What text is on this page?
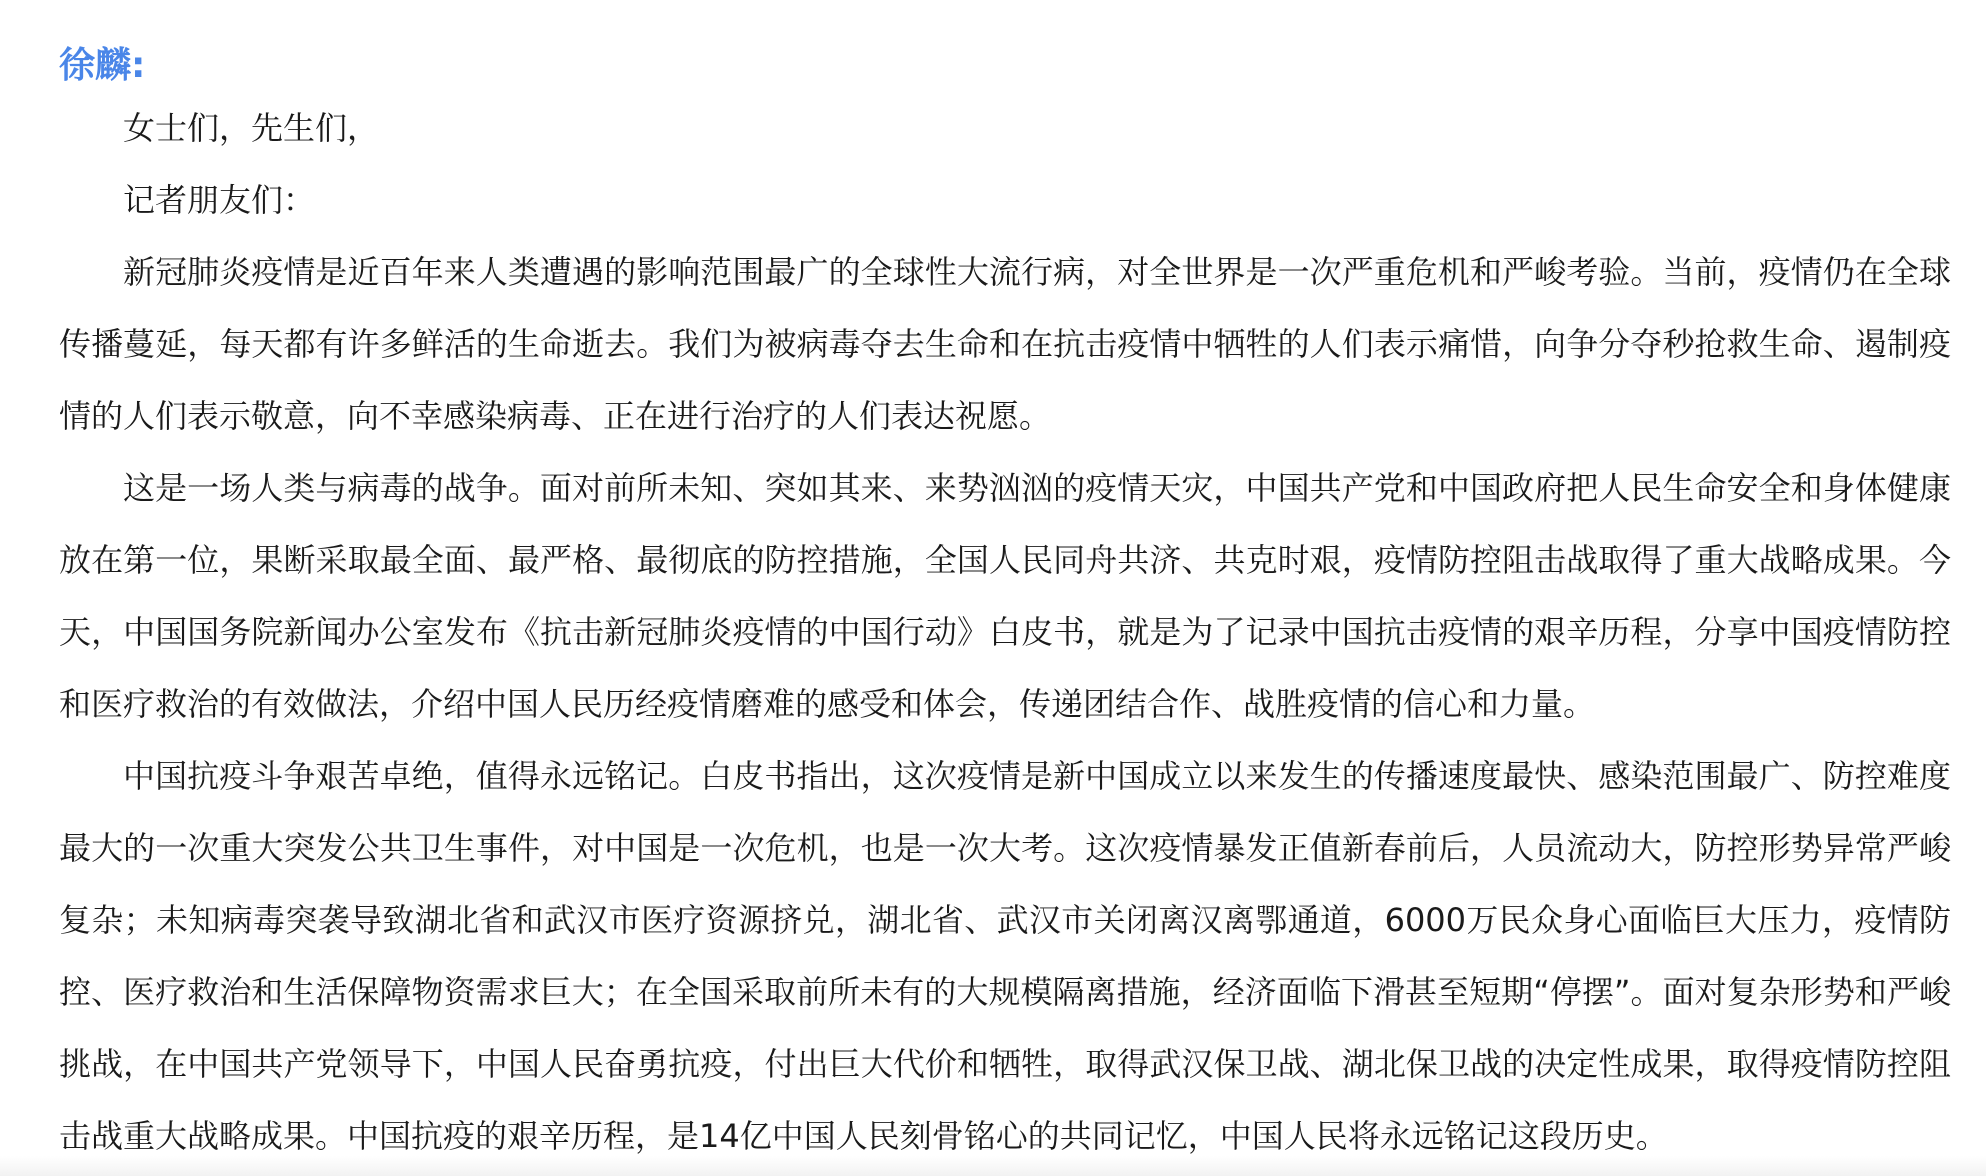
徐麟:

女士们，先生们，

记者朋友们：

新冠肺炎疫情是近百年来人类遭遇的影响范围最广的全球性大流行病，对全世界是一次严重危机和严峻考验。当前，疫情仍在全球传播蔓延，每天都有许多鲜活的生命逝去。我们为被病毒夺去生命和在抗击疫情中牺牲的人们表示痛惜，向争分夺秒抢救生命、遏制疫情的人们表示敬意，向不幸感染病毒、正在进行治疗的人们表达祝愿。

这是一场人类与病毒的战争。面对前所未知、突如其来、来势汹汹的疫情天灾，中国共产党和中国政府把人民生命安全和身体健康放在第一位，果断采取最全面、最严格、最彻底的防控措施，全国人民同舟共济、共克时艰，疫情防控阻击战取得了重大战略成果。今天，中国国务院新闻办公室发布《抗击新冠肺炎疫情的中国行动》白皮书，就是为了记录中国抗击疫情的艰辛历程，分享中国疫情防控和医疗救治的有效做法，介绍中国人民历经疫情磨难的感受和体会，传递团结合作、战胜疫情的信心和力量。

中国抗疫斗争艰苦卓绝，值得永远铭记。白皮书指出，这次疫情是新中国成立以来发生的传播速度最快、感染范围最广、防控难度最大的一次重大突发公共卫生事件，对中国是一次危机，也是一次大考。这次疫情暴发正值新春前后，人员流动大，防控形势异常严峻复杂；未知病毒突袭导致湖北省和武汉市医疗资源挤兑，湖北省、武汉市关闭离汉离鄂通道，6000万民众身心面临巨大压力，疫情防控、医疗救治和生活保障物资需求巨大；在全国采取前所未有的大规模隔离措施，经济面临下滑甚至短期“停摆”。面对复杂形势和严峻挑战，在中国共产党领导下，中国人民奋勇抗疫，付出巨大代价和牺牲，取得武汉保卫战、湖北保卫战的决定性成果，取得疫情防控阻击战重大战略成果。中国抗疫的艰辛历程，是14亿中国人民刻骨铭心的共同记忆，中国人民将永远铭记这段历史。
